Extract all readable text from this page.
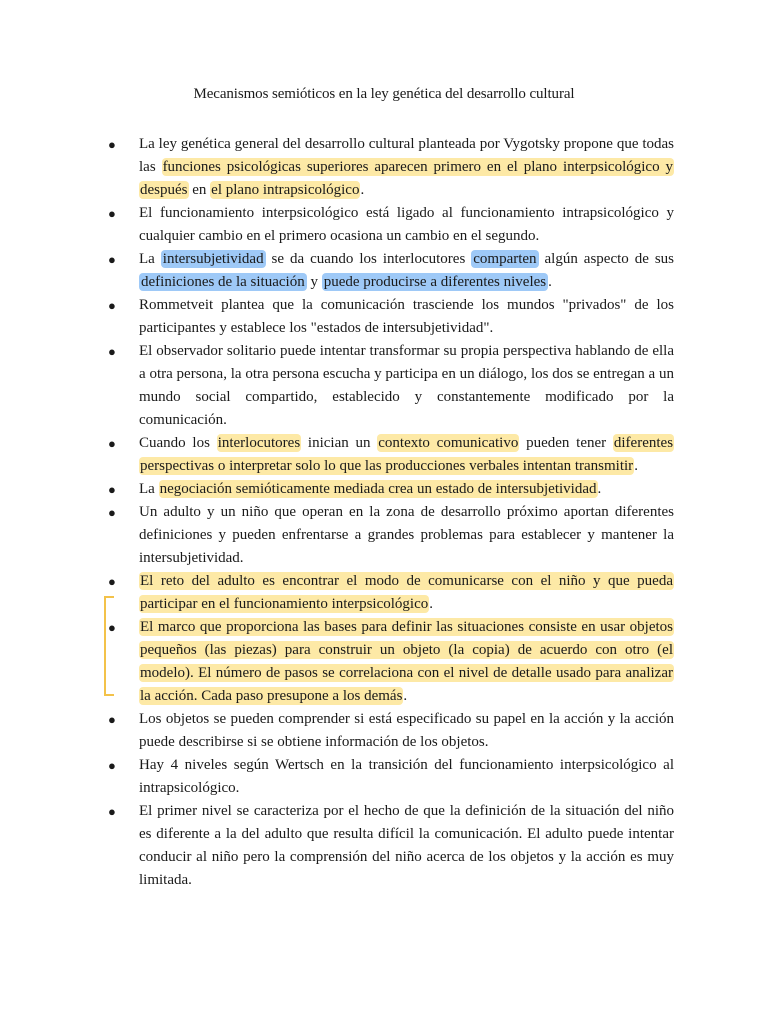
Mecanismos semióticos en la ley genética del desarrollo cultural
●	La ley genética general del desarrollo cultural planteada por Vygotsky propone que todas las funciones psicológicas superiores aparecen primero en el plano interpsicológico y después en el plano intrapsicológico.
●	El funcionamiento interpsicológico está ligado al funcionamiento intrapsicológico y cualquier cambio en el primero ocasiona un cambio en el segundo.
●	La intersubjetividad se da cuando los interlocutores comparten algún aspecto de sus definiciones de la situación y puede producirse a diferentes niveles .
●	Rommetveit plantea que la comunicación trasciende los mundos "privados" de los participantes y establece los "estados de intersubjetividad".
●	El observador solitario puede intentar transformar su propia perspectiva hablando de ella a otra persona, la otra persona escucha y participa en un diálogo, los dos se entregan a un mundo social compartido, establecido y constantemente modificado por la comunicación.
●	Cuando los interlocutores inician un contexto comunicativo pueden tener diferentes perspectivas o interpretar solo lo que las producciones verbales intentan transmitir.
●	La negociación semióticamente mediada crea un estado de intersubjetividad.
●	Un adulto y un niño que operan en la zona de desarrollo próximo aportan diferentes definiciones y pueden enfrentarse a grandes problemas para establecer y mantener la intersubjetividad.
●	El reto del adulto es encontrar el modo de comunicarse con el niño y que pueda participar en el funcionamiento interpsicológico.
●	El marco que proporciona las bases para definir las situaciones consiste en usar objetos pequeños (las piezas) para construir un objeto (la copia) de acuerdo con otro (el modelo). El número de pasos se correlaciona con el nivel de detalle usado para analizar la acción. Cada paso presupone a los demás.
●	Los objetos se pueden comprender si está especificado su papel en la acción y la acción puede describirse si se obtiene información de los objetos.
●	Hay 4 niveles según Wertsch en la transición del funcionamiento interpsicológico al intrapsicológico.
●	El primer nivel se caracteriza por el hecho de que la definición de la situación del niño es diferente a la del adulto que resulta difícil la comunicación. El adulto puede intentar conducir al niño pero la comprensión del niño acerca de los objetos y la acción es muy limitada.
